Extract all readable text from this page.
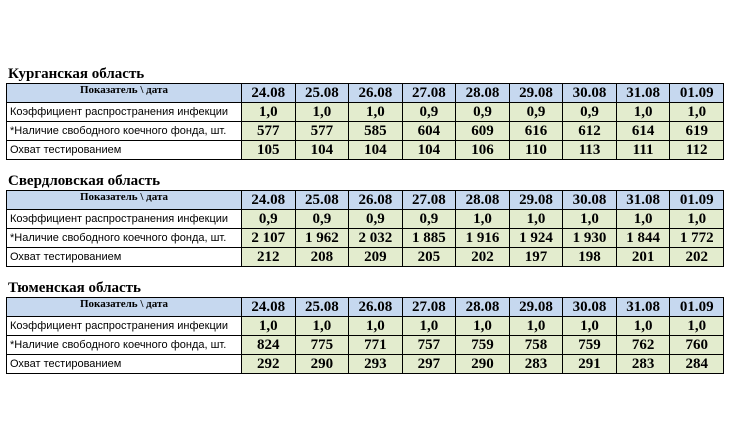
Курганская область
Показатель \ дата	24.08	25.08	26.08	27.08	28.08	29.08	30.08	31.08	01.09
Коэффициент распространения инфекции	1,0	1,0	1,0	0,9	0,9	0,9	0,9	1,0	1,0
*Наличие свободного коечного фонда, шт.	577	577	585	604	609	616	612	614	619
Охват тестированием	105	104	104	104	106	110	113	111	112
Свердловская область
Показатель \ дата	24.08	25.08	26.08	27.08	28.08	29.08	30.08	31.08	01.09
Коэффициент распространения инфекции	0,9	0,9	0,9	0,9	1,0	1,0	1,0	1,0	1,0
*Наличие свободного коечного фонда, шт.	2 107	1 962	2 032	1 885	1 916	1 924	1 930	1 844	1 772
Охват тестированием	212	208	209	205	202	197	198	201	202
Тюменская область
Показатель \ дата	24.08	25.08	26.08	27.08	28.08	29.08	30.08	31.08	01.09
Коэффициент распространения инфекции	1,0	1,0	1,0	1,0	1,0	1,0	1,0	1,0	1,0
*Наличие свободного коечного фонда, шт.	824	775	771	757	759	758	759	762	760
Охват тестированием	292	290	293	297	290	283	291	283	284
